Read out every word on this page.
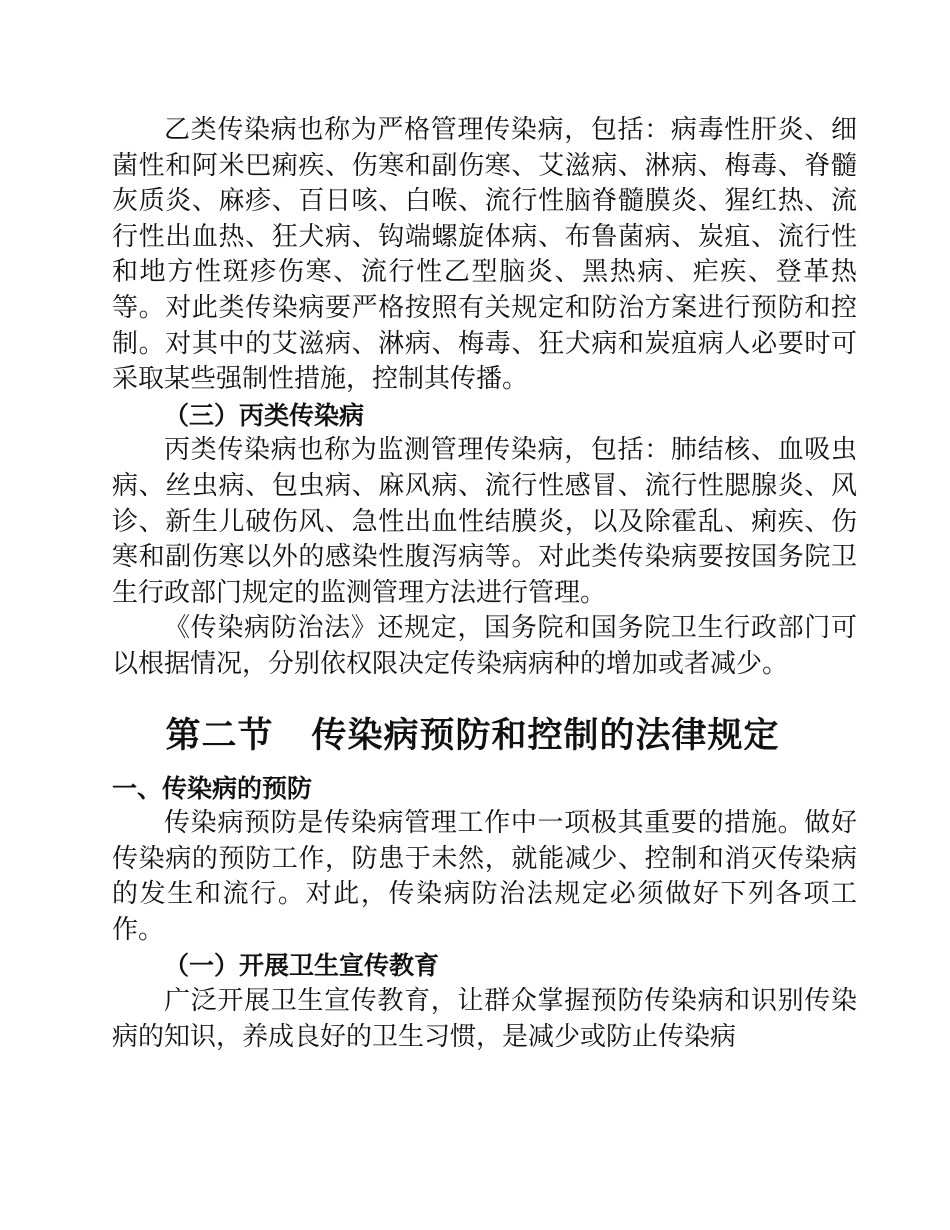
乙类传染病也称为严格管理传染病，包括：病毒性肝炎、细菌性和阿米巴痢疾、伤寒和副伤寒、艾滋病、淋病、梅毒、脊髓灰质炎、麻疹、百日咳、白喉、流行性脑脊髓膜炎、猩红热、流行性出血热、狂犬病、钩端螺旋体病、布鲁菌病、炭疽、流行性和地方性斑疹伤寒、流行性乙型脑炎、黑热病、疟疾、登革热等。对此类传染病要严格按照有关规定和防治方案进行预防和控制。对其中的艾滋病、淋病、梅毒、狂犬病和炭疽病人必要时可采取某些强制性措施，控制其传播。

（三）丙类传染病

丙类传染病也称为监测管理传染病，包括：肺结核、血吸虫病、丝虫病、包虫病、麻风病、流行性感冒、流行性腮腺炎、风诊、新生儿破伤风、急性出血性结膜炎，以及除霍乱、痢疾、伤寒和副伤寒以外的感染性腹泻病等。对此类传染病要按国务院卫生行政部门规定的监测管理方法进行管理。

《传染病防治法》还规定，国务院和国务院卫生行政部门可以根据情况，分别依权限决定传染病病种的增加或者减少。

第二节 传染病预防和控制的法律规定

一、传染病的预防

传染病预防是传染病管理工作中一项极其重要的措施。做好传染病的预防工作，防患于未然，就能减少、控制和消灭传染病的发生和流行。对此，传染病防治法规定必须做好下列各项工作。

（一）开展卫生宣传教育

广泛开展卫生宣传教育，让群众掌握预防传染病和识别传染病的知识，养成良好的卫生习惯，是减少或防止传染病
